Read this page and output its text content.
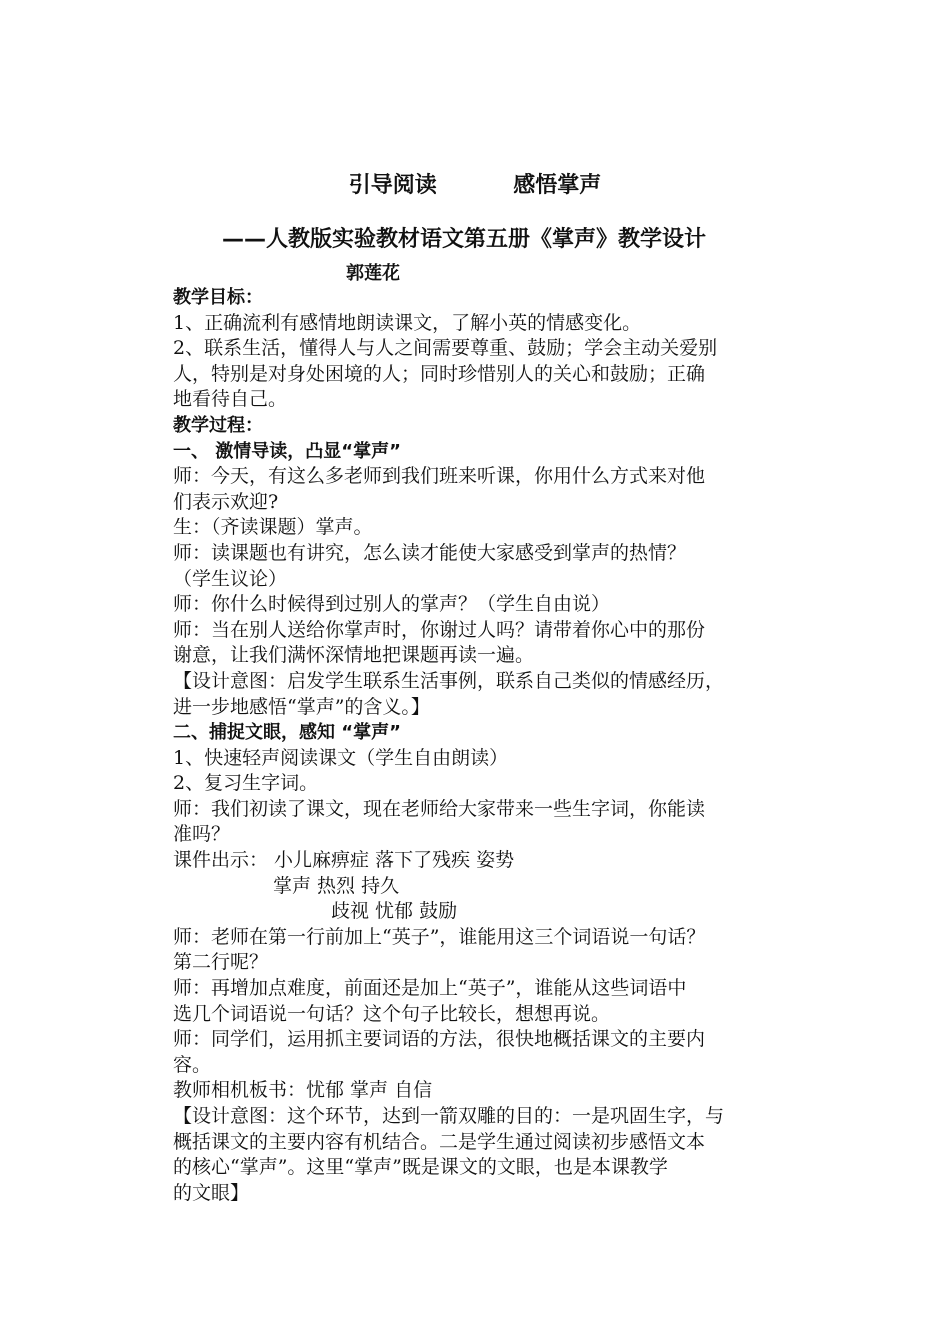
引导阅读          感悟掌声
——人教版实验教材语文第五册《掌声》教学设计
郭莲花
教学目标：
1、正确流利有感情地朗读课文，了解小英的情感变化。
2、联系生活，懂得人与人之间需要尊重、鼓励；学会主动关爱别
人，特别是对身处困境的人；同时珍惜别人的关心和鼓励；正确
地看待自己。
教学过程：
一、 激情导读，凸显“掌声”
师：今天，有这么多老师到我们班来听课，你用什么方式来对他
们表示欢迎?
生：（齐读课题）掌声。
师：读课题也有讲究，怎么读才能使大家感受到掌声的热情？
（学生议论）
师：你什么时候得到过别人的掌声？（学生自由说）
师：当在别人送给你掌声时，你谢过人吗？请带着你心中的那份
谢意，让我们满怀深情地把课题再读一遍。
【设计意图：启发学生联系生活事例，联系自己类似的情感经历，
进一步地感悟“掌声”的含义。】
二、捕捉文眼，感知 “掌声”
1、快速轻声阅读课文（学生自由朗读）
2、复习生字词。
师：我们初读了课文，现在老师给大家带来一些生字词，你能读
准吗？
课件出示： 小儿麻痹症 落下了残疾 姿势
掌声 热烈 持久
歧视 忧郁 鼓励
师：老师在第一行前加上“英子”，谁能用这三个词语说一句话？
第二行呢？
师：再增加点难度，前面还是加上“英子”，谁能从这些词语中
选几个词语说一句话？这个句子比较长，想想再说。
师：同学们，运用抓主要词语的方法，很快地概括课文的主要内
容。
教师相机板书：忧郁 掌声 自信
【设计意图：这个环节，达到一箭双雕的目的：一是巩固生字，与
概括课文的主要内容有机结合。二是学生通过阅读初步感悟文本
的核心“掌声”。这里“掌声”既是课文的文眼，也是本课教学
的文眼】
